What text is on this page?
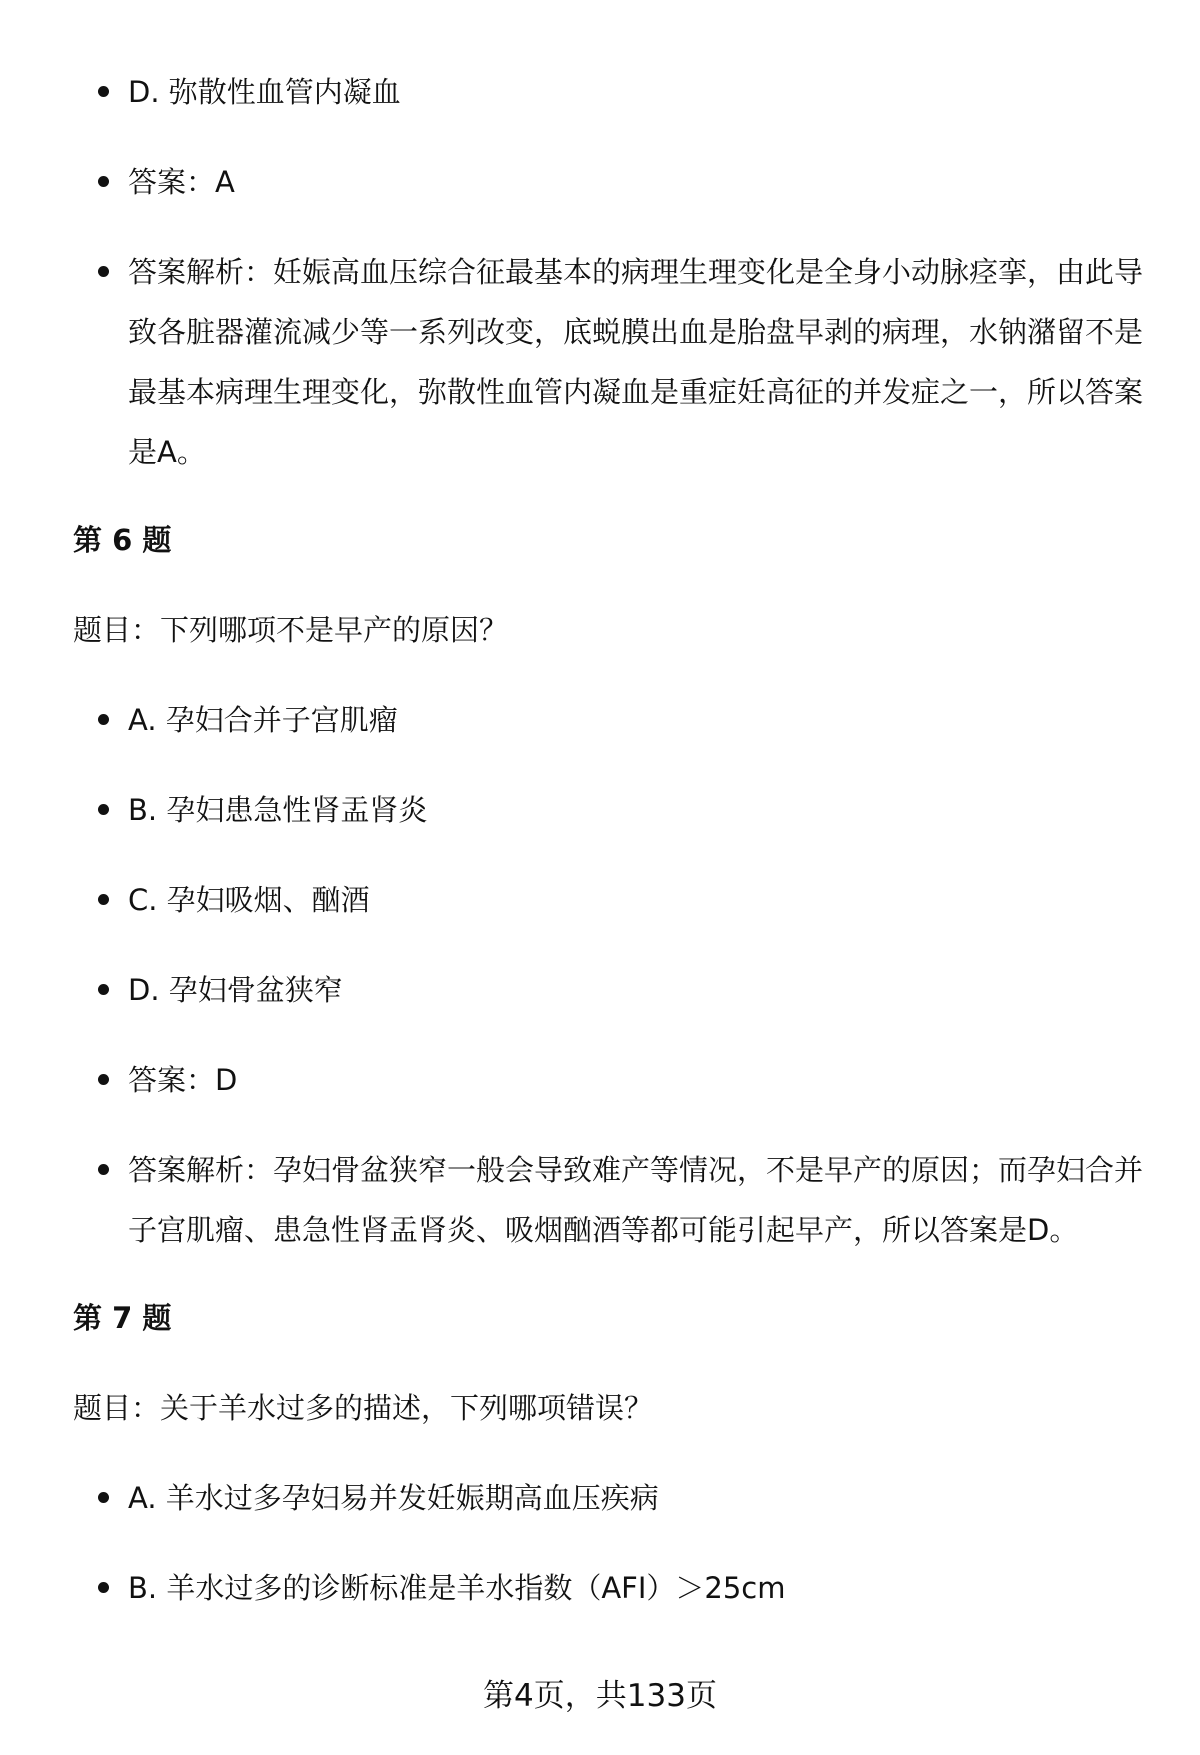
D. 弥散性血管内凝血
答案：A
答案解析：妊娠高血压综合征最基本的病理生理变化是全身小动脉痉挛，由此导致各脏器灌流减少等一系列改变，底蜕膜出血是胎盘早剥的病理，水钠潴留不是最基本病理生理变化，弥散性血管内凝血是重症妊高征的并发症之一，所以答案是A。
第 6 题
题目：下列哪项不是早产的原因？
A. 孕妇合并子宫肌瘤
B. 孕妇患急性肾盂肾炎
C. 孕妇吸烟、酗酒
D. 孕妇骨盆狭窄
答案：D
答案解析：孕妇骨盆狭窄一般会导致难产等情况，不是早产的原因；而孕妇合并子宫肌瘤、患急性肾盂肾炎、吸烟酗酒等都可能引起早产，所以答案是D。
第 7 题
题目：关于羊水过多的描述，下列哪项错误？
A. 羊水过多孕妇易并发妊娠期高血压疾病
B. 羊水过多的诊断标准是羊水指数（AFI）＞25cm
第4页，共133页
